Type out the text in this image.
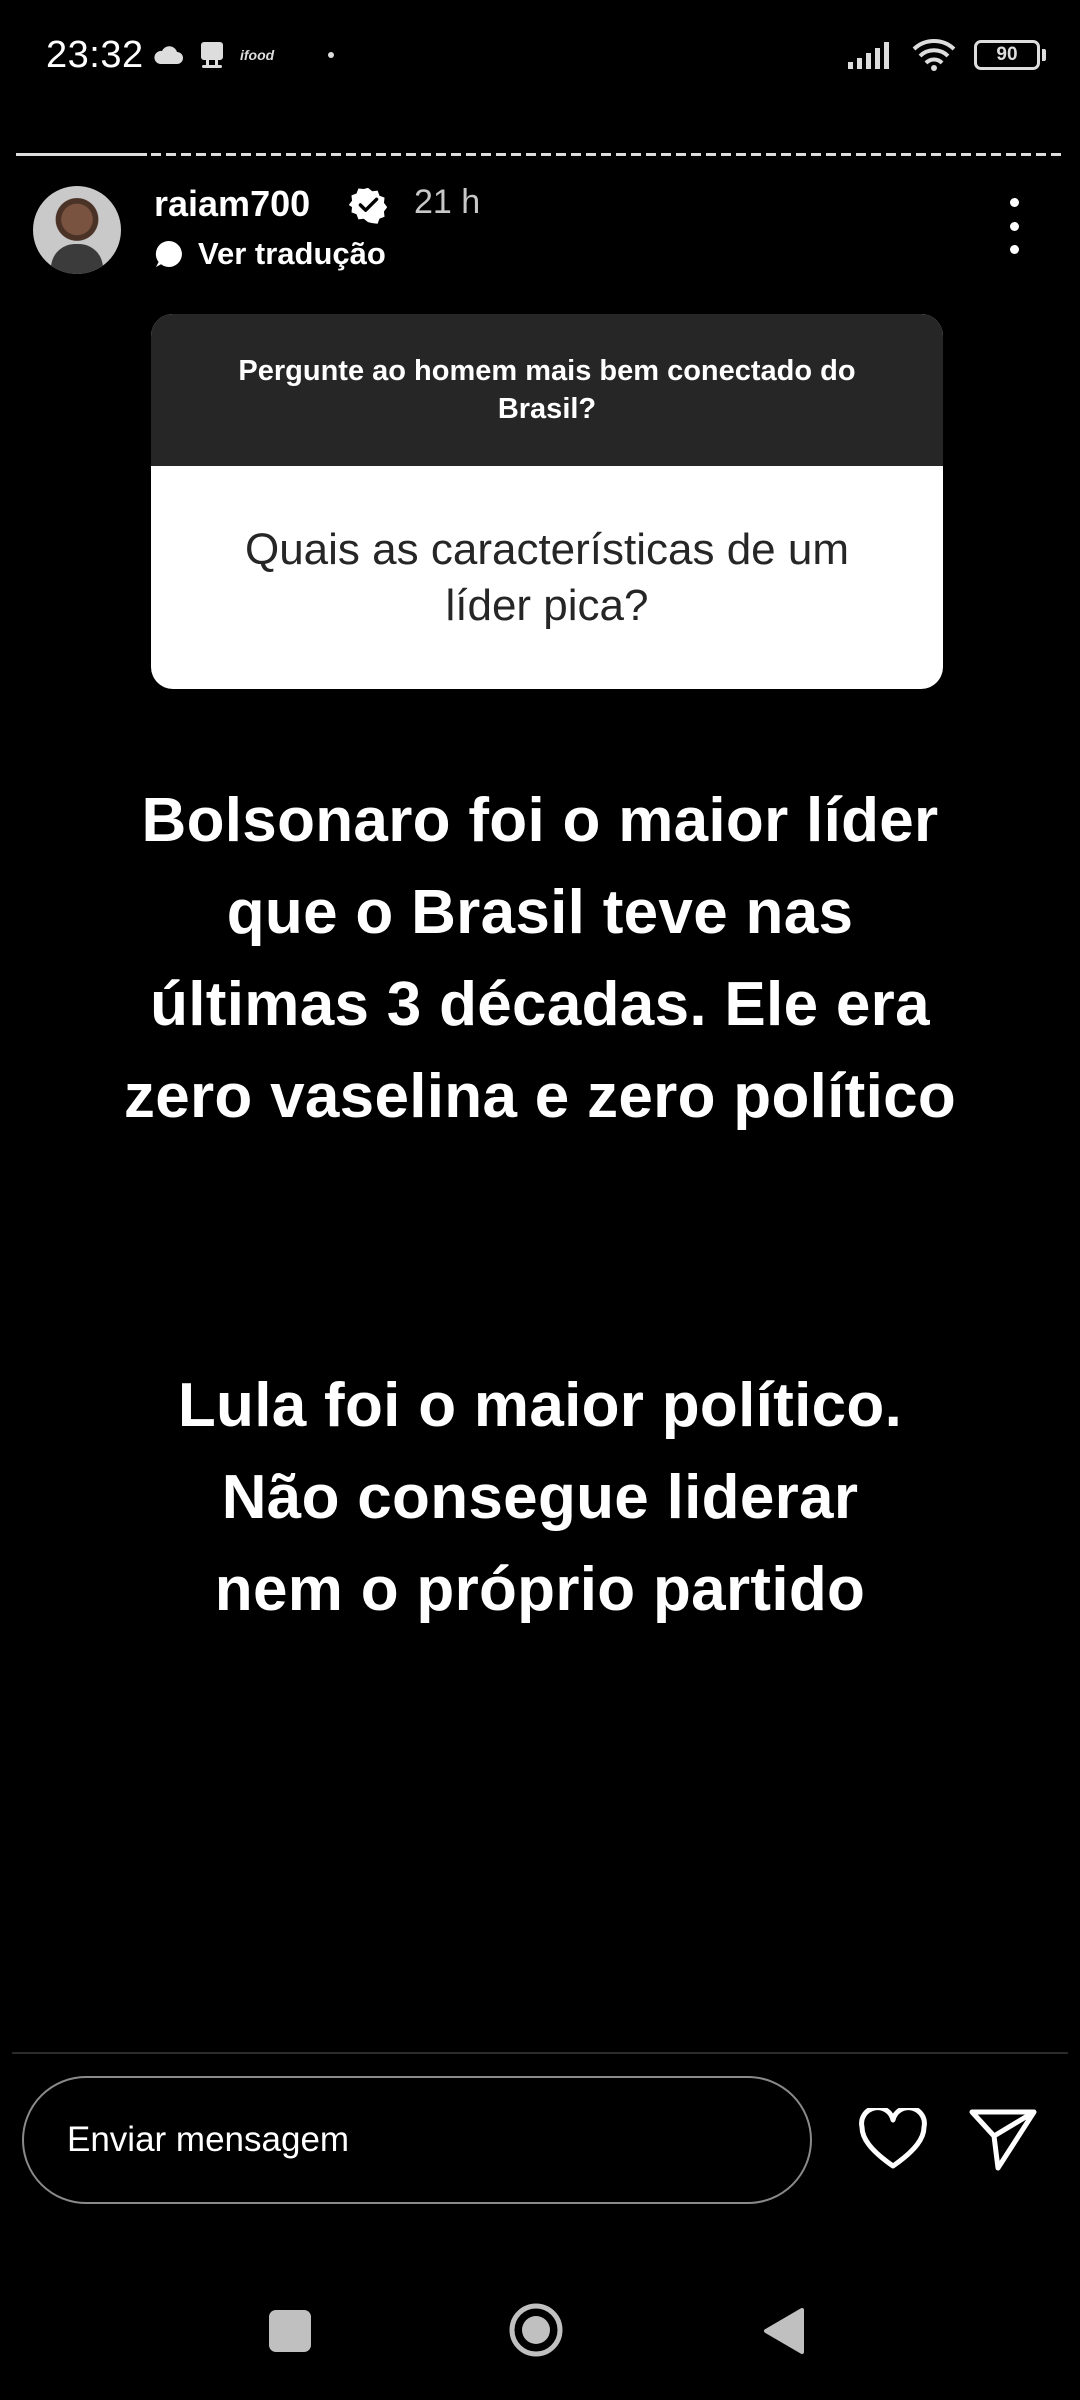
23:32	ifood	90
raiam700	21 h
Ver tradução
Pergunte ao homem mais bem conectado do Brasil?
Quais as características de um líder pica?
Bolsonaro foi o maior líder
que o Brasil teve nas
últimas 3 décadas. Ele era
zero vaselina e zero político
Lula foi o maior político.
Não consegue liderar
nem o próprio partido
Enviar mensagem
